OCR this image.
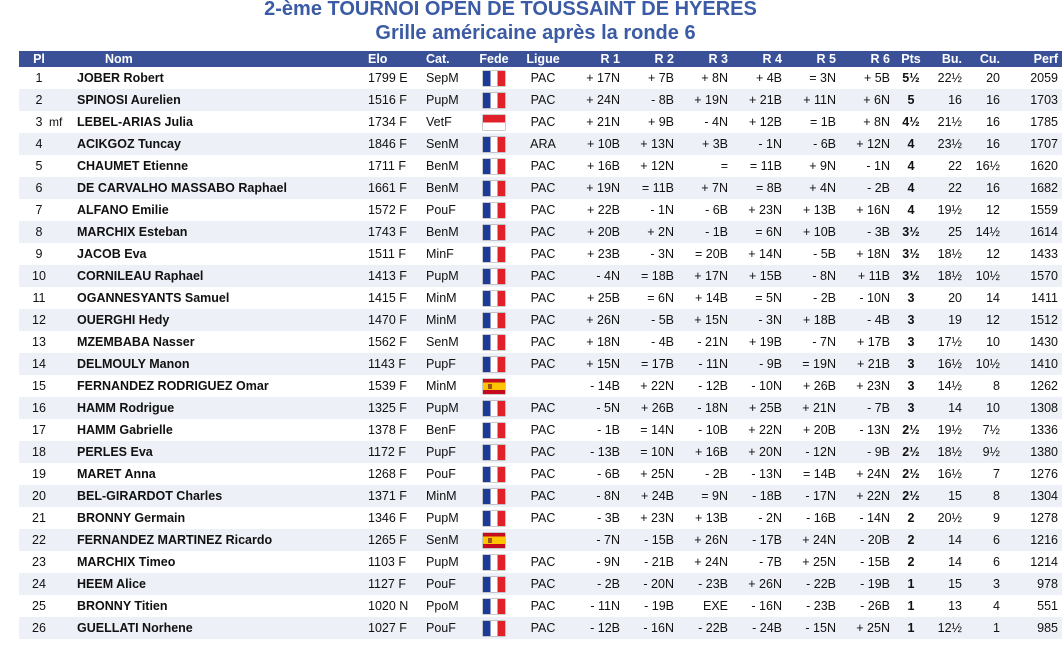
2-ème TOURNOI OPEN DE TOUSSAINT DE HYERES
Grille américaine après la ronde 6
Pl	Nom	Elo	Cat.	Fede	Ligue	R 1	R 2	R 3	R 4	R 5	R 6	Pts	Bu.	Cu.	Perf
1	JOBER Robert	1799 E	SepM		PAC	+ 17N	+ 7B	+ 8N	+ 4B	= 3N	+ 5B	5½	22½	20	2059
2	SPINOSI Aurelien	1516 F	PupM		PAC	+ 24N	- 8B	+ 19N	+ 21B	+ 11N	+ 6N	5	16	16	1703
3	mf LEBEL-ARIAS Julia	1734 F	VetF		PAC	+ 21N	+ 9B	- 4N	+ 12B	= 1B	+ 8N	4½	21½	16	1785
4	ACIKGOZ Tuncay	1846 F	SenM		ARA	+ 10B	+ 13N	+ 3B	- 1N	- 6B	+ 12N	4	23½	16	1707
5	CHAUMET Etienne	1711 F	BenM		PAC	+ 16B	+ 12N	=	= 11B	+ 9N	- 1N	4	22	16½	1620
6	DE CARVALHO MASSABO Raphael	1661 F	BenM		PAC	+ 19N	= 11B	+ 7N	= 8B	+ 4N	- 2B	4	22	16	1682
7	ALFANO Emilie	1572 F	PouF		PAC	+ 22B	- 1N	- 6B	+ 23N	+ 13B	+ 16N	4	19½	12	1559
8	MARCHIX Esteban	1743 F	BenM		PAC	+ 20B	+ 2N	- 1B	= 6N	+ 10B	- 3B	3½	25	14½	1614
9	JACOB Eva	1511 F	MinF		PAC	+ 23B	- 3N	= 20B	+ 14N	- 5B	+ 18N	3½	18½	12	1433
10	CORNILEAU Raphael	1413 F	PupM		PAC	- 4N	= 18B	+ 17N	+ 15B	- 8N	+ 11B	3½	18½	10½	1570
11	OGANNESYANTS Samuel	1415 F	MinM		PAC	+ 25B	= 6N	+ 14B	= 5N	- 2B	- 10N	3	20	14	1411
12	OUERGHI Hedy	1470 F	MinM		PAC	+ 26N	- 5B	+ 15N	- 3N	+ 18B	- 4B	3	19	12	1512
13	MZEMBABA Nasser	1562 F	SenM		PAC	+ 18N	- 4B	- 21N	+ 19B	- 7N	+ 17B	3	17½	10	1430
14	DELMOULY Manon	1143 F	PupF		PAC	+ 15N	= 17B	- 11N	- 9B	= 19N	+ 21B	3	16½	10½	1410
15	FERNANDEZ RODRIGUEZ Omar	1539 F	MinM			- 14B	+ 22N	- 12B	- 10N	+ 26B	+ 23N	3	14½	8	1262
16	HAMM Rodrigue	1325 F	PupM		PAC	- 5N	+ 26B	- 18N	+ 25B	+ 21N	- 7B	3	14	10	1308
17	HAMM Gabrielle	1378 F	BenF		PAC	- 1B	= 14N	- 10B	+ 22N	+ 20B	- 13N	2½	19½	7½	1336
18	PERLES Eva	1172 F	PupF		PAC	- 13B	= 10N	+ 16B	+ 20N	- 12N	- 9B	2½	18½	9½	1380
19	MARET Anna	1268 F	PouF		PAC	- 6B	+ 25N	- 2B	- 13N	= 14B	+ 24N	2½	16½	7	1276
20	BEL-GIRARDOT Charles	1371 F	MinM		PAC	- 8N	+ 24B	= 9N	- 18B	- 17N	+ 22N	2½	15	8	1304
21	BRONNY Germain	1346 F	PupM		PAC	- 3B	+ 23N	+ 13B	- 2N	- 16B	- 14N	2	20½	9	1278
22	FERNANDEZ MARTINEZ Ricardo	1265 F	SenM			- 7N	- 15B	+ 26N	- 17B	+ 24N	- 20B	2	14	6	1216
23	MARCHIX Timeo	1103 F	PupM		PAC	- 9N	- 21B	+ 24N	- 7B	+ 25N	- 15B	2	14	6	1214
24	HEEM Alice	1127 F	PouF		PAC	- 2B	- 20N	- 23B	+ 26N	- 22B	- 19B	1	15	3	978
25	BRONNY Titien	1020 N	PpoM		PAC	- 11N	- 19B	EXE	- 16N	- 23B	- 26B	1	13	4	551
26	GUELLATI Norhene	1027 F	PouF		PAC	- 12B	- 16N	- 22B	- 24B	- 15N	+ 25N	1	12½	1	985
